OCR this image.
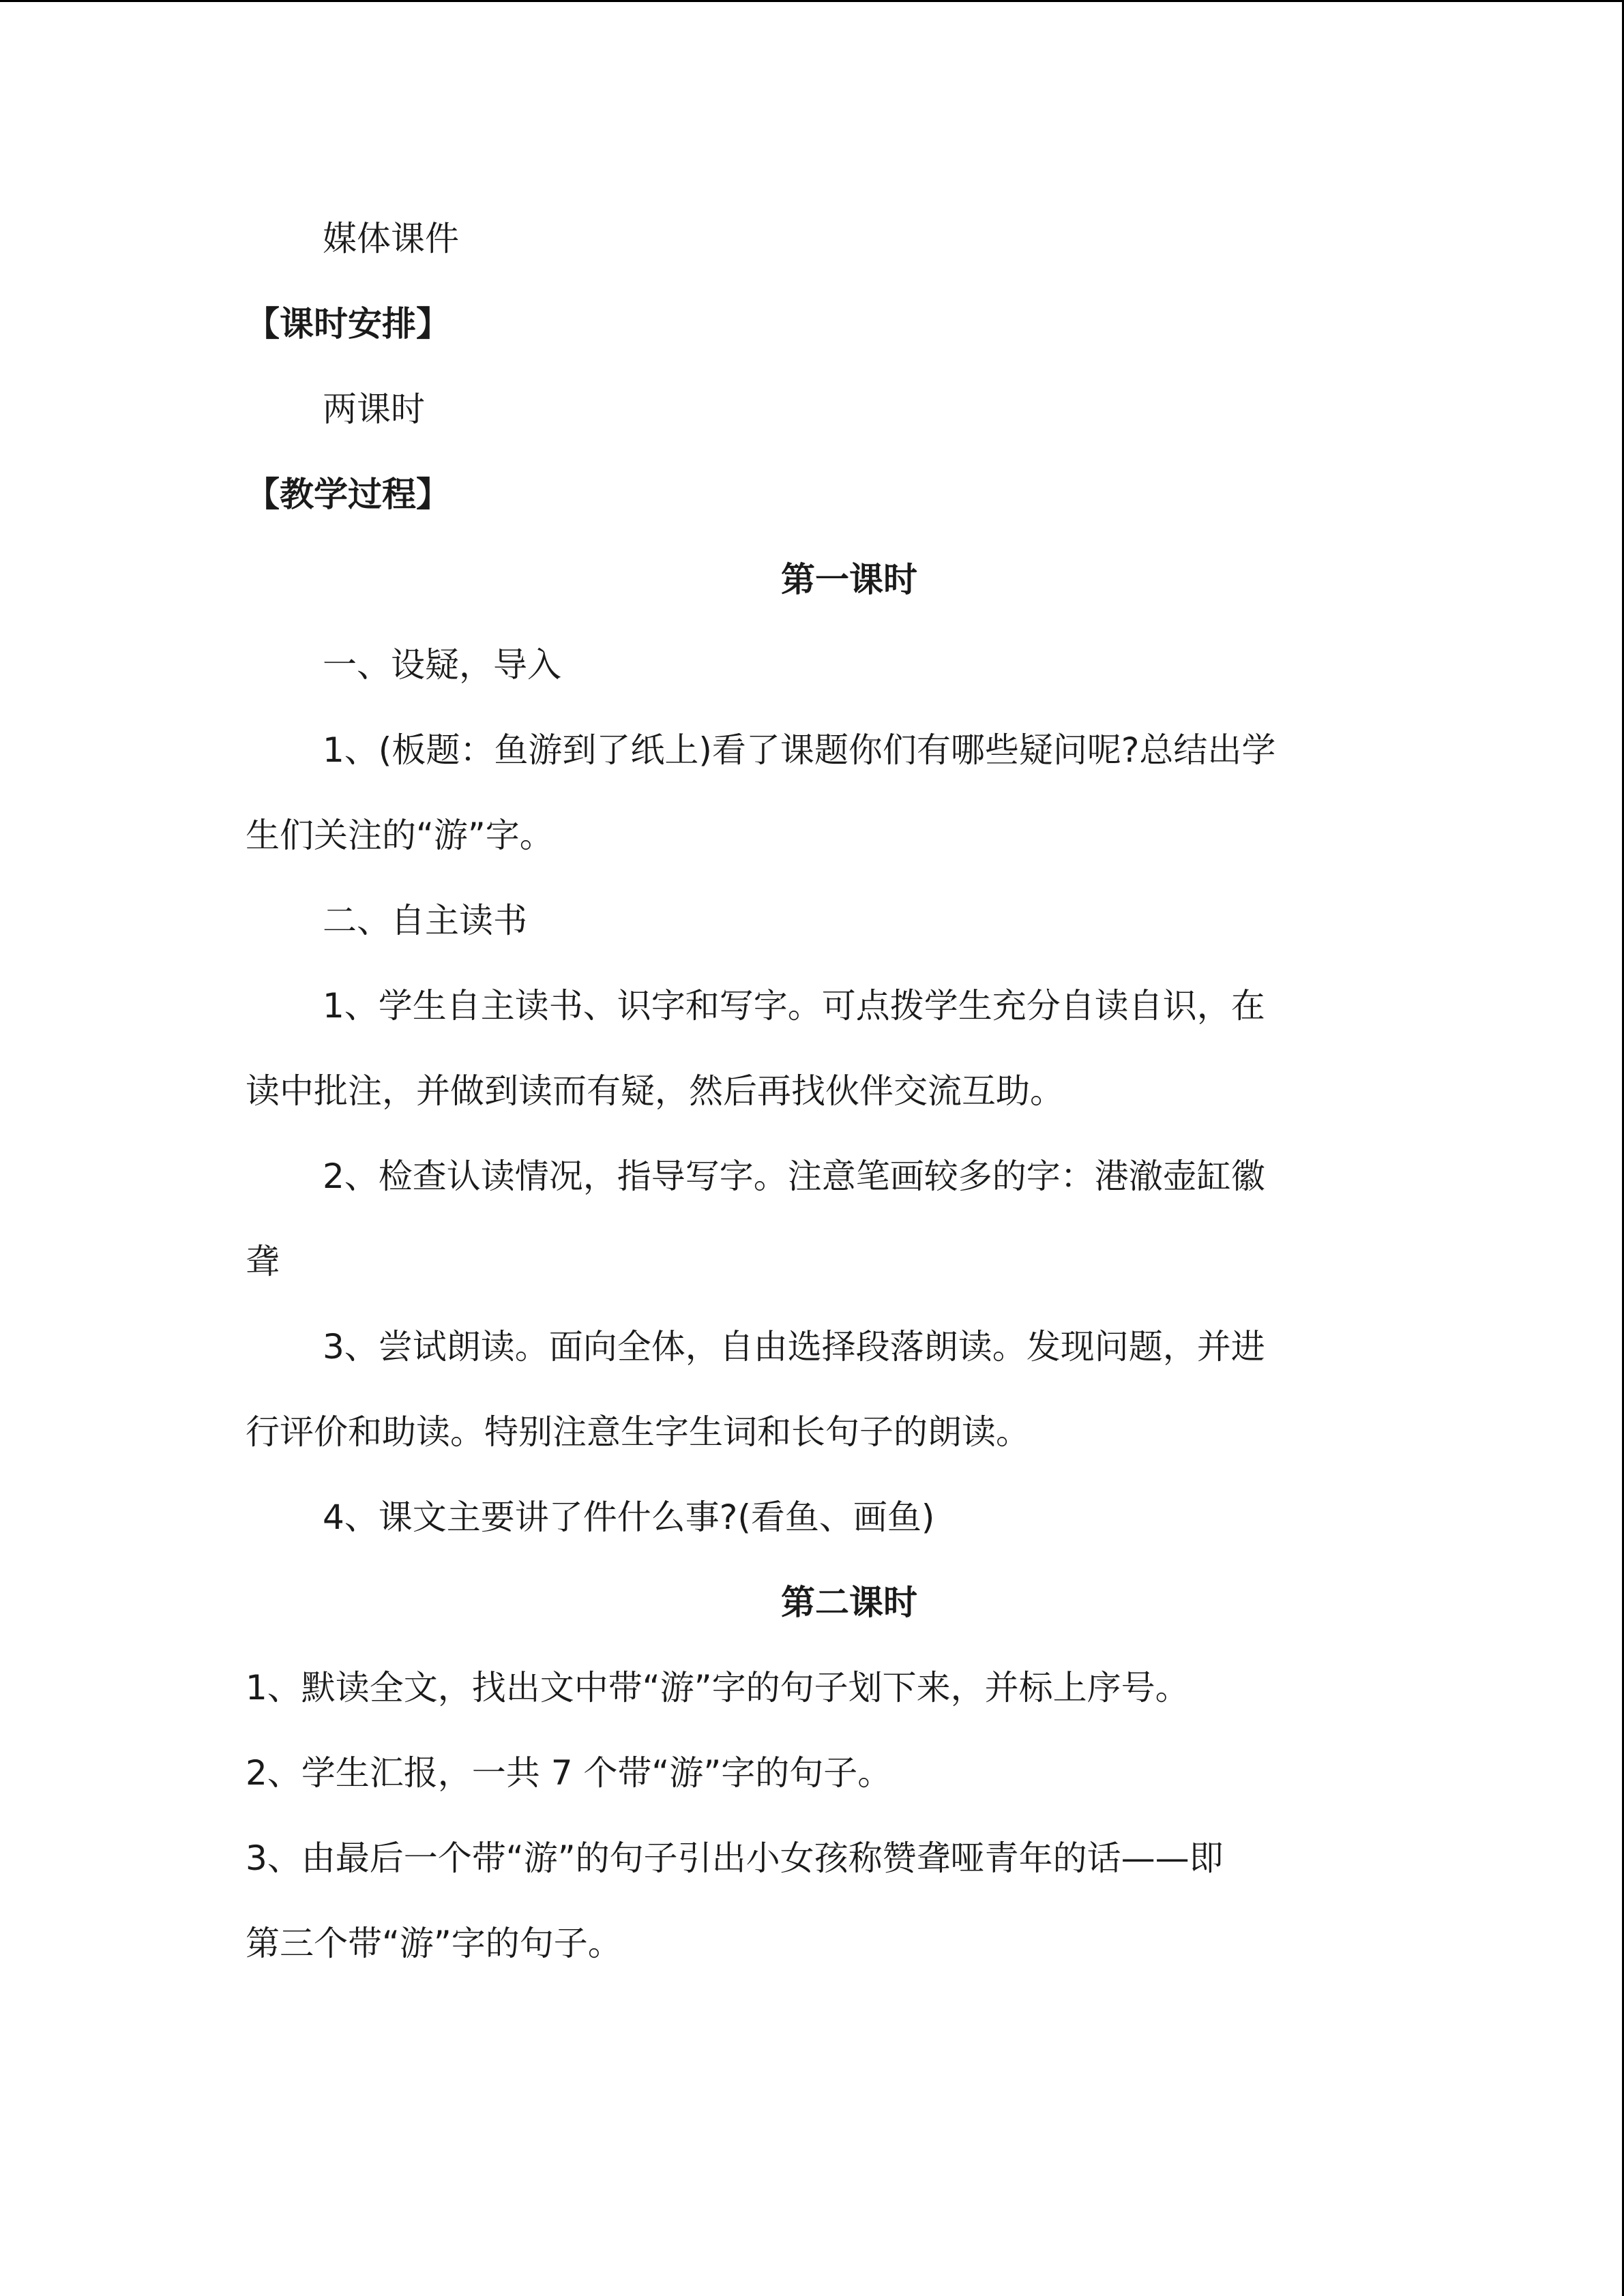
媒体课件
【课时安排】
两课时
【教学过程】
第一课时
一、设疑，导入
1、(板题：鱼游到了纸上)看了课题你们有哪些疑问呢?总结出学
生们关注的“游”字。
二、自主读书
1、学生自主读书、识字和写字。可点拨学生充分自读自识，在
读中批注，并做到读而有疑，然后再找伙伴交流互助。
2、检查认读情况，指导写字。注意笔画较多的字：港澈壶缸徽
聋
3、尝试朗读。面向全体，自由选择段落朗读。发现问题，并进
行评价和助读。特别注意生字生词和长句子的朗读。
4、课文主要讲了件什么事?(看鱼、画鱼)
第二课时
1、默读全文，找出文中带“游”字的句子划下来，并标上序号。
2、学生汇报，一共 7 个带“游”字的句子。
3、由最后一个带“游”的句子引出小女孩称赞聋哑青年的话——即
第三个带“游”字的句子。
